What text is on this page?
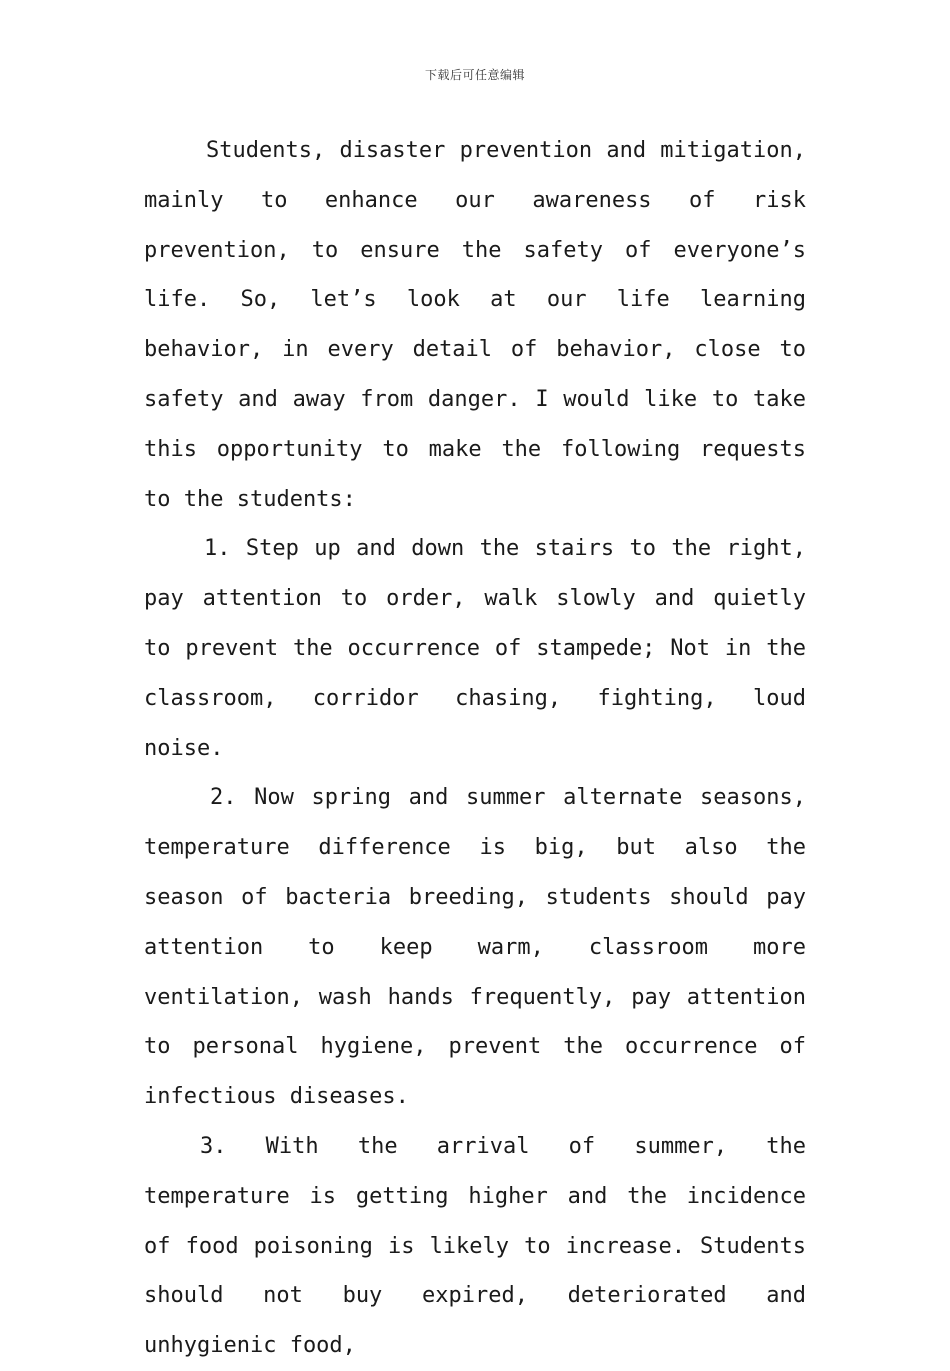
下载后可任意编辑

Students, disaster prevention and mitigation, mainly to enhance our awareness of risk prevention, to ensure the safety of everyone’s life. So, let’s look at our life learning behavior, in every detail of behavior, close to safety and away from danger. I would like to take this opportunity to make the following requests to the students:

1. Step up and down the stairs to the right, pay attention to order, walk slowly and quietly to prevent the occurrence of stampede; Not in the classroom, corridor chasing, fighting, loud noise.

2. Now spring and summer alternate seasons, temperature difference is big, but also the season of bacteria breeding, students should pay attention to keep warm, classroom more ventilation, wash hands frequently, pay attention to personal hygiene, prevent the occurrence of infectious diseases.

3. With the arrival of summer, the temperature is getting higher and the incidence of food poisoning is likely to increase. Students should not buy expired, deteriorated and unhygienic food,
